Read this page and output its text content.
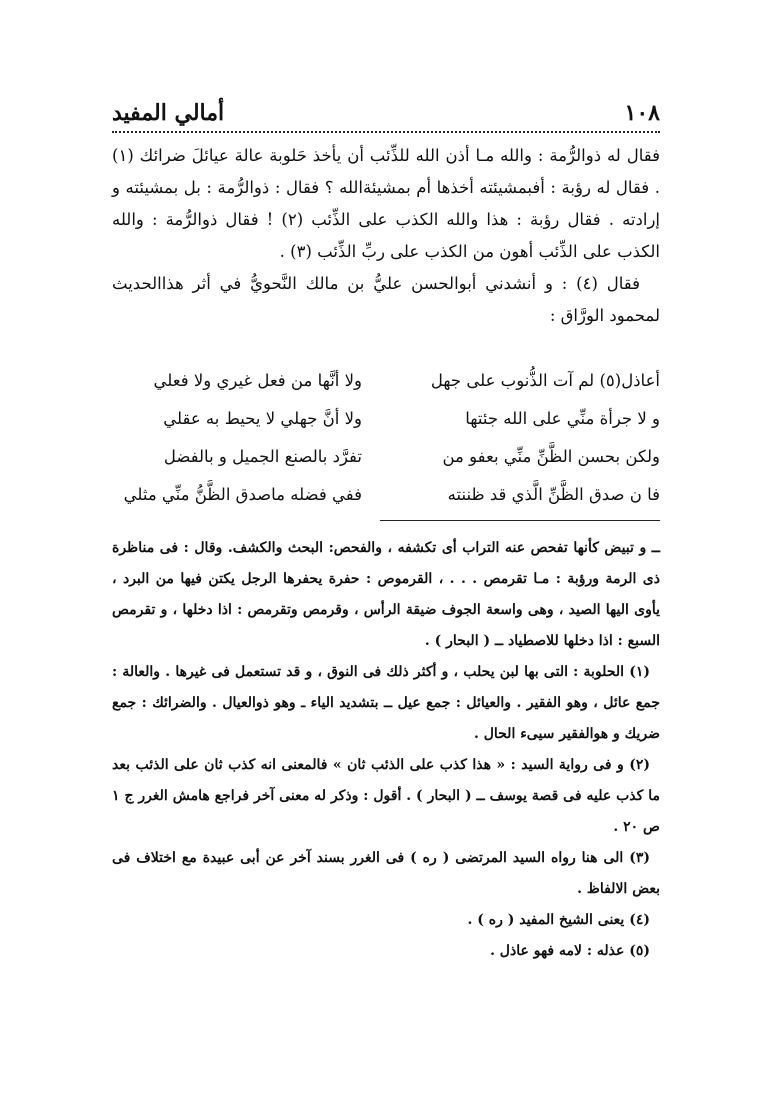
١٠٨
أمالي المفيد

فقال له ذوالرُّمة : والله مـا أذن الله للذِّئب أن يأخذ حَلوبة عالة عيائلَ ضرائك (١) . فقال له رؤبة : أفبمشيئته أخذها أم بمشيئةالله ؟ فقال : ذوالرُّمة : بل بمشيئته و إرادته . فقال رؤبة : هذا والله الكذب على الذِّئب (٢) ! فقال ذوالرُّمة : والله الكذب على الذِّئب أهون من الكذب على ربِّ الذِّئب (٣) .

فقال (٤) : و أنشدني أبوالحسن عليُّ بن مالك النَّحويُّ في أثر هذاالحديث لمحمود الورَّاق :

أعاذل(٥) لم آت الذُّنوب على جهل
ولا أنَّها من فعل غيري ولا فعلي
و لا جرأة منِّي على الله جئتها
ولا أنَّ جهلي لا يحيط به عقلي
ولكن بحسن الظَّنِّ منِّي بعفو من
تفرَّد بالصنع الجميل و بالفضل
فا ن صدق الظَّنِّ الَّذي قد ظننته
ففي فضله ماصدق الظَّنُّ منِّي مثلي

ــ و تبيض كأنها تفحص عنه التراب أى تكشفه ، والفحص: البحث والكشف. وقال : فى مناظرة ذى الرمة ورؤبة : مـا تقرمص . . . ، القرموص : حفرة يحفرها الرجل يكتن فيها من البرد ، يأوى اليها الصيد ، وهى واسعة الجوف ضيقة الرأس ، وقرمص وتقرمص : اذا دخلها ، و تقرمص السبع : اذا دخلها للاصطياد ــ ( البحار ) .

(١) الحلوبة : التى بها لبن يحلب ، و أكثر ذلك فى النوق ، و قد تستعمل فى غيرها . والعالة : جمع عائل ، وهو الفقير . والعيائل : جمع عيل ــ بتشديد الياء ـ وهو ذوالعيال . والضرائك : جمع ضريك و هوالفقير سيىء الحال .

(٢) و فى رواية السيد : « هذا كذب على الذئب ثان » فالمعنى انه كذب ثان على الذئب بعد ما كذب عليه فى قصة يوسف ــ ( البحار ) . أقول : وذكر له معنى آخر فراجع هامش الغرر ج ١ ص ٢٠ .

(٣) الى هنا رواه السيد المرتضى ( ره ) فى الغرر بسند آخر عن أبى عبيدة مع اختلاف فى بعض الالفاظ .

(٤) يعنى الشيخ المفيد ( ره ) .

(٥) عذله : لامه فهو عاذل .
